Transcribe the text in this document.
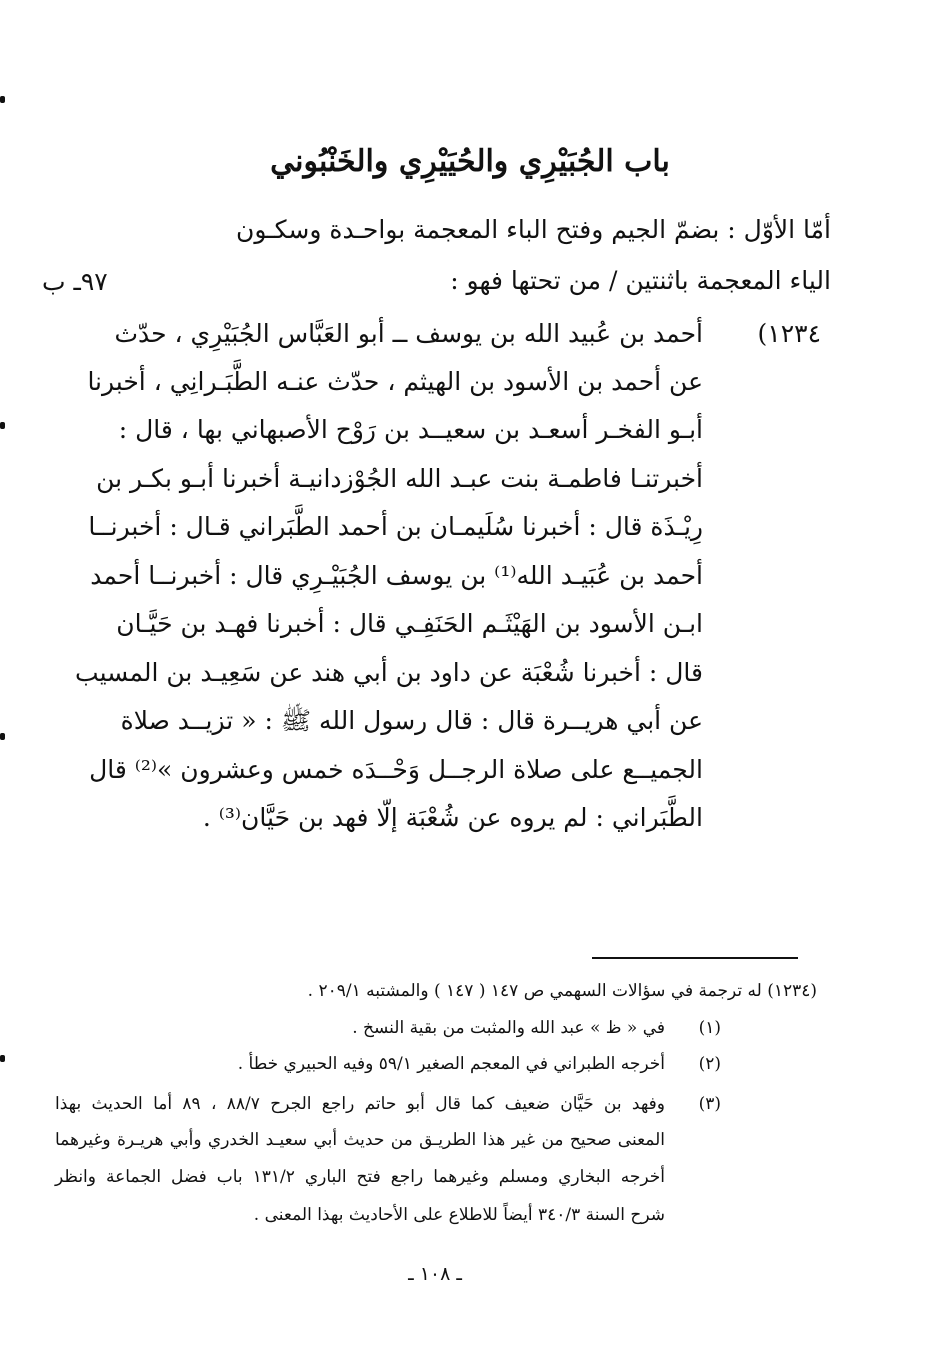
باب الجُبَيْرِي والحُيَيْرِي والخَنْبُوني
أمّا الأوّل : بضمّ الجيم وفتح الباء المعجمة بواحـدة وسكـون
الياء المعجمة باثنتين / من تحتها فهو :
٩٧ـ ب
(١٢٣٤
أحمد بن عُبيد الله بن يوسف ــ أبو العَبَّاس الجُبَيْرِي ، حدّث
عن أحمد بن الأسود بن الهيثم ، حدّث عنـه الطَّبَـرانِي ، أخبرنا
أبـو الفخـر أسعـد بن سعيــد بن رَوْح الأصبهاني بها ، قال :
أخبرتنـا فاطمـة بنت عبـد الله الجُوْزدانيـة أخبرنا أبـو بكـر بن
رِيْـذَة قال : أخبرنا سُلَيمـان بن أحمد الطَّبَراني قـال : أخبرنــا
أحمد بن عُبَيـد الله⁽¹⁾ بن يوسف الجُبَيْـرِي قال : أخبرنــا أحمد
ابـن الأسود بن الهَيْثَـم الحَنَفِـي قال : أخبرنا فهـد بن حَيَّـان
قال : أخبرنا شُعْبَة عن داود بن أبي هند عن سَعِيـد بن المسيب
عن أبي هريــرة قال : قال رسول الله ﷺ : « تزيــد صلاة
الجميــع على صلاة الرجــل وَحْــدَه خمس وعشرون »⁽²⁾ قال
الطَّبَراني : لم يروه عن شُعْبَة إلّا فهد بن حَيَّان⁽³⁾ .
(١٢٣٤) له ترجمة في سؤالات السهمي ص ١٤٧ ( ١٤٧ ) والمشتبه ٢٠٩/١ .
(١)
في « ظ » عبد الله والمثبت من بقية النسخ .
(٢)
أخرجه الطبراني في المعجم الصغير ٥٩/١ وفيه الحبيري خطأ .
(٣)
وفهد بن حَيَّان ضعيف كما قال أبو حاتم راجع الجرح ٨٨/٧ ، ٨٩ أما الحديث بهذا
المعنى صحيح من غير هذا الطريـق من حديث أبي سعيـد الخدري وأبي هريـرة وغيرهما
أخرجه البخاري ومسلم وغيرهما راجع فتح الباري ١٣١/٢ باب فضل الجماعة وانظر
شرح السنة ٣٤٠/٣ أيضاً للاطلاع على الأحاديث بهذا المعنى .
ـ ١٠٨ ـ
